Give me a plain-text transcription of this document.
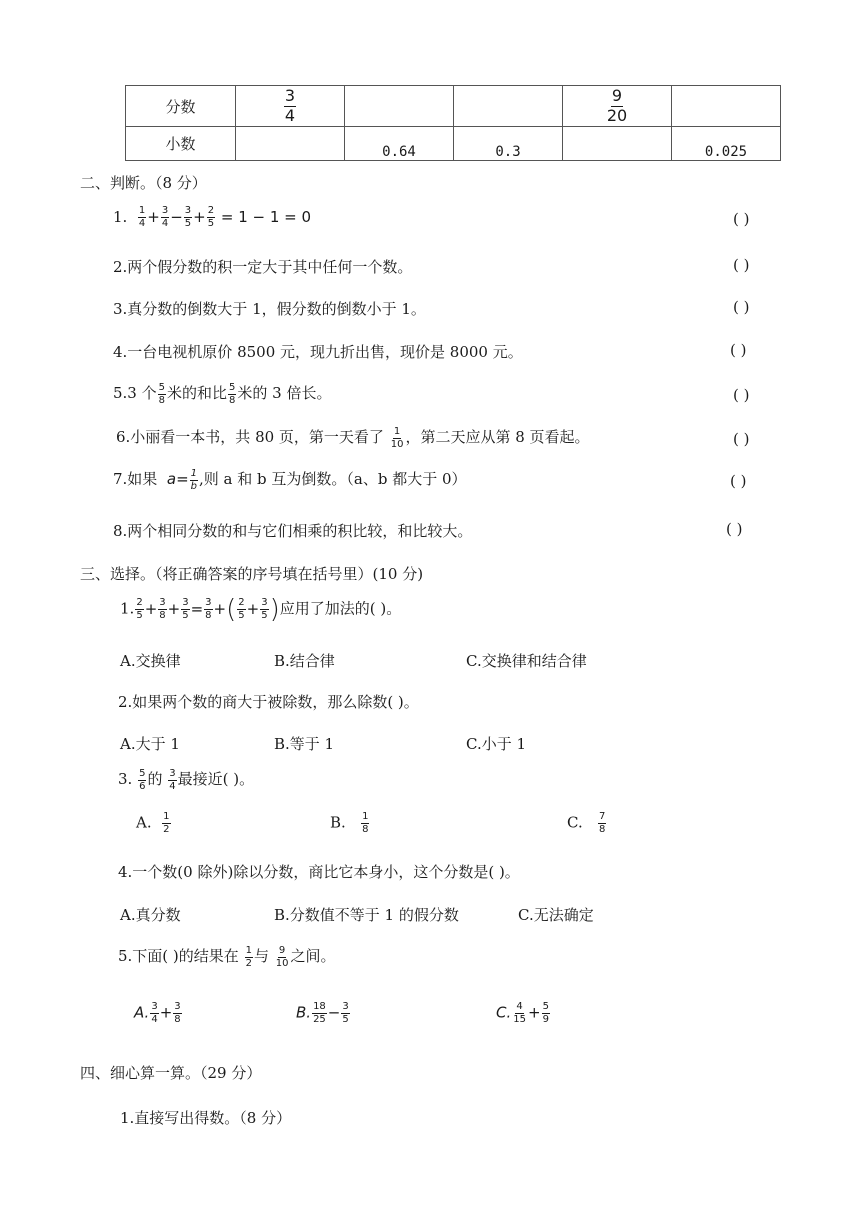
分数	$\frac{3}{4}$			$\frac{9}{20}$

小数		0.64	0.3		0.025
二、判断。（8 分）
1. $\frac{1}{4} + \frac{3}{4} - \frac{3}{5} + \frac{2}{5} = 1 - 1 = 0$	( )
2.两个假分数的积一定大于其中任何一个数。	( )
3.真分数的倒数大于 1，假分数的倒数小于 1。	( )
4.一台电视机原价 8500 元，现九折出售，现价是 8000 元。	( )
5.3 个 $\frac{5}{8}$ 米的和比 $\frac{5}{8}$ 米的 3 倍长。	( )
6.小丽看一本书，共 80 页，第一天看了 $\frac{1}{10}$ ，第二天应从第 8 页看起。	( )
7.如果 $a= \frac{1}{b}$ ,则 a 和 b 互为倒数。（a、b 都大于 0）	( )
8.两个相同分数的和与它们相乘的积比较，和比较大。	( )
三、选择。（将正确答案的序号填在括号里）(10 分)
1. $\frac{2}{5} + \frac{3}{8} + \frac{3}{5} = \frac{3}{8}$ +( $\frac{2}{5} + \frac{3}{5}$ )应用了加法的( )。
A.交换律	B.结合律	C.交换律和结合律
2.如果两个数的商大于被除数，那么除数( )。
A.大于 1	B.等于 1	C.小于 1
3. $\frac{5}{6}$ 的 $\frac{3}{4}$ 最接近( )。
A. $\frac{1}{2}$	B. $\frac{1}{8}$	C. $\frac{7}{8}$
4.一个数(0 除外)除以分数，商比它本身小，这个分数是( )。
A.真分数	B.分数值不等于 1 的假分数	C.无法确定
5.下面( )的结果在 $\frac{1}{2}$ 与 $\frac{9}{10}$ 之间。
A. $\frac{3}{4} + \frac{3}{8}$	B. $\frac{18}{25} - \frac{3}{5}$	C. $\frac{4}{15} + \frac{5}{9}$
四、细心算一算。（29 分）
1.直接写出得数。（8 分）
